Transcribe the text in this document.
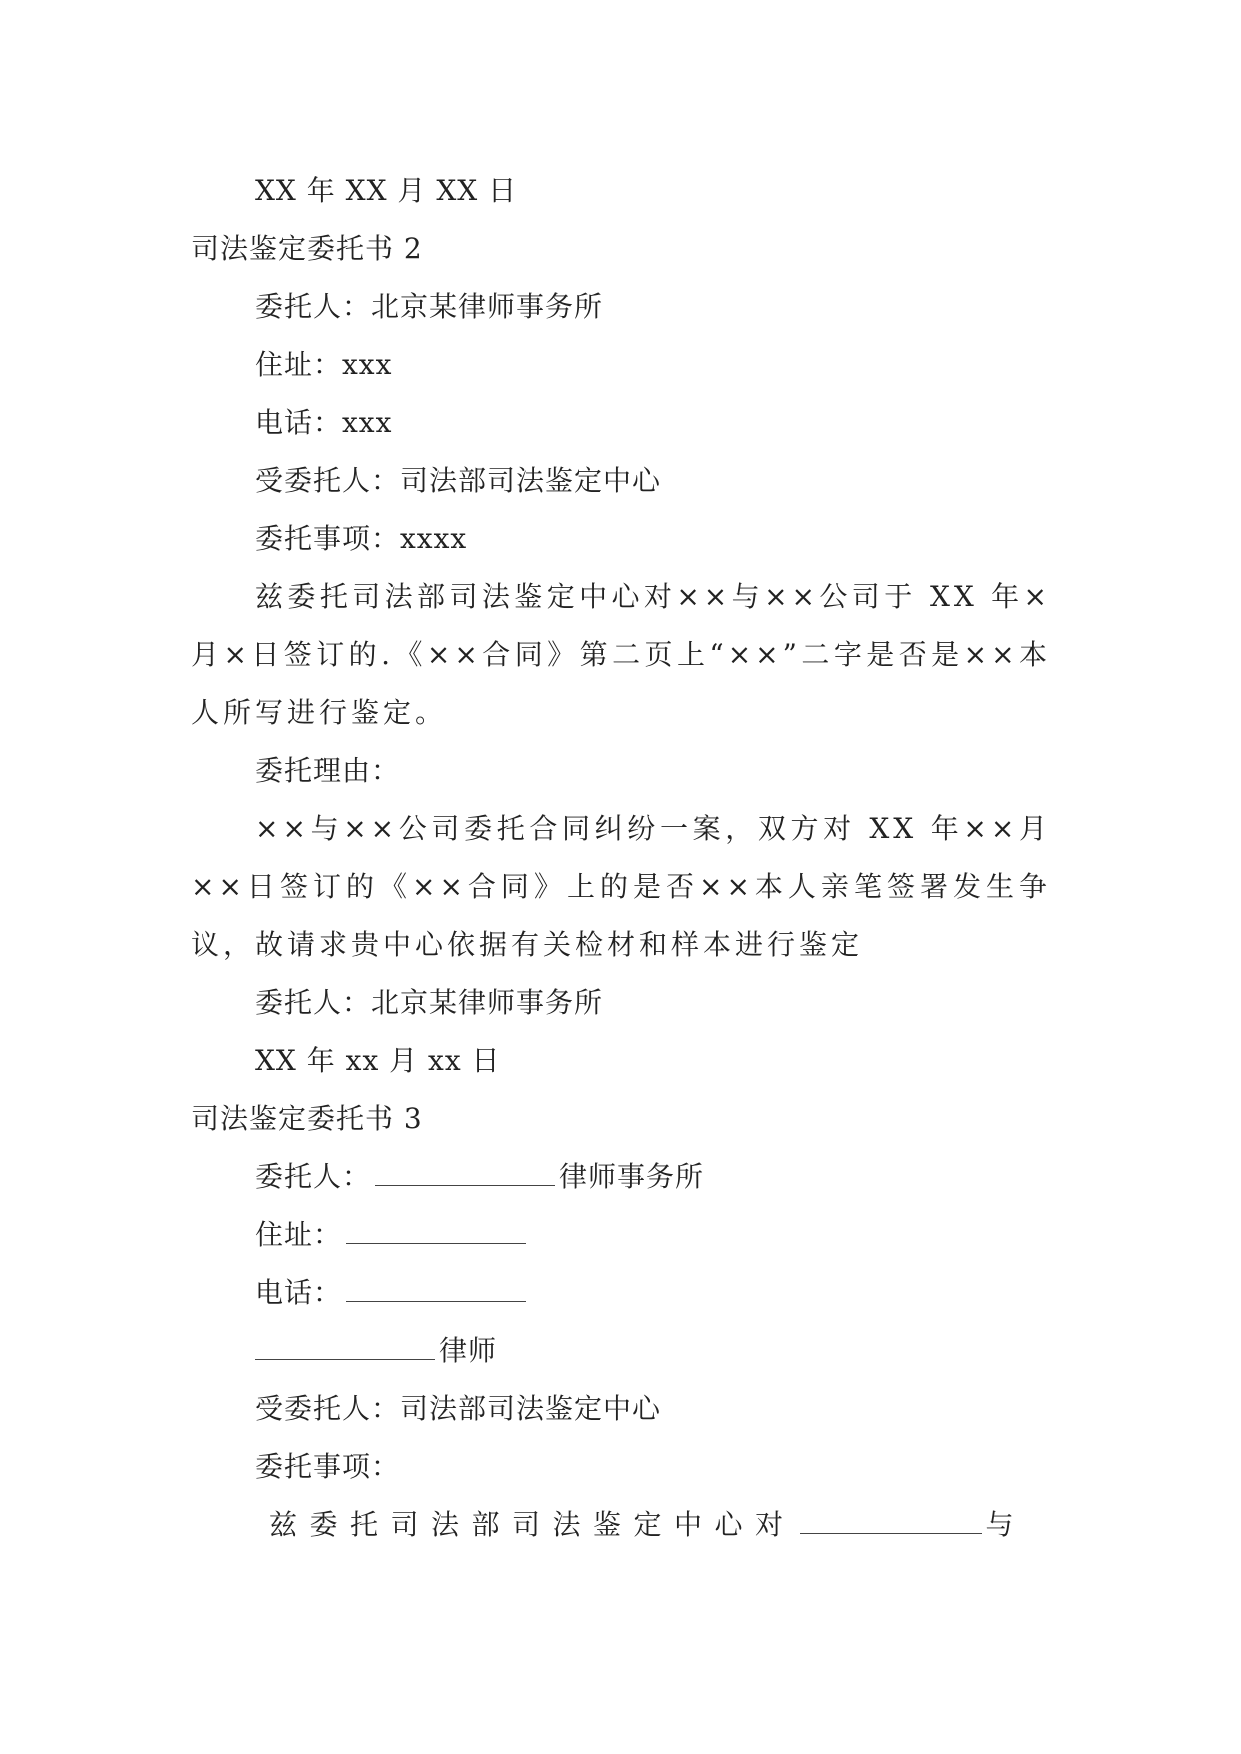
XX 年 XX 月 XX 日
司法鉴定委托书 2
委托人：北京某律师事务所
住址：xxx
电话：xxx
受委托人：司法部司法鉴定中心
委托事项：xxxx

兹委托司法部司法鉴定中心对××与××公司于 XX 年×月×日签订的.《××合同》第二页上“××”二字是否是××本人所写进行鉴定。

委托理由：

××与××公司委托合同纠纷一案，双方对 XX 年××月××日签订的《××合同》上的是否××本人亲笔签署发生争议，故请求贵中心依据有关检材和样本进行鉴定

委托人：北京某律师事务所
XX 年 xx 月 xx 日
司法鉴定委托书 3
委托人：	律师事务所
住址：
电话：
律师
受委托人：司法部司法鉴定中心
委托事项：
兹委托司法部司法鉴定中心对	与
